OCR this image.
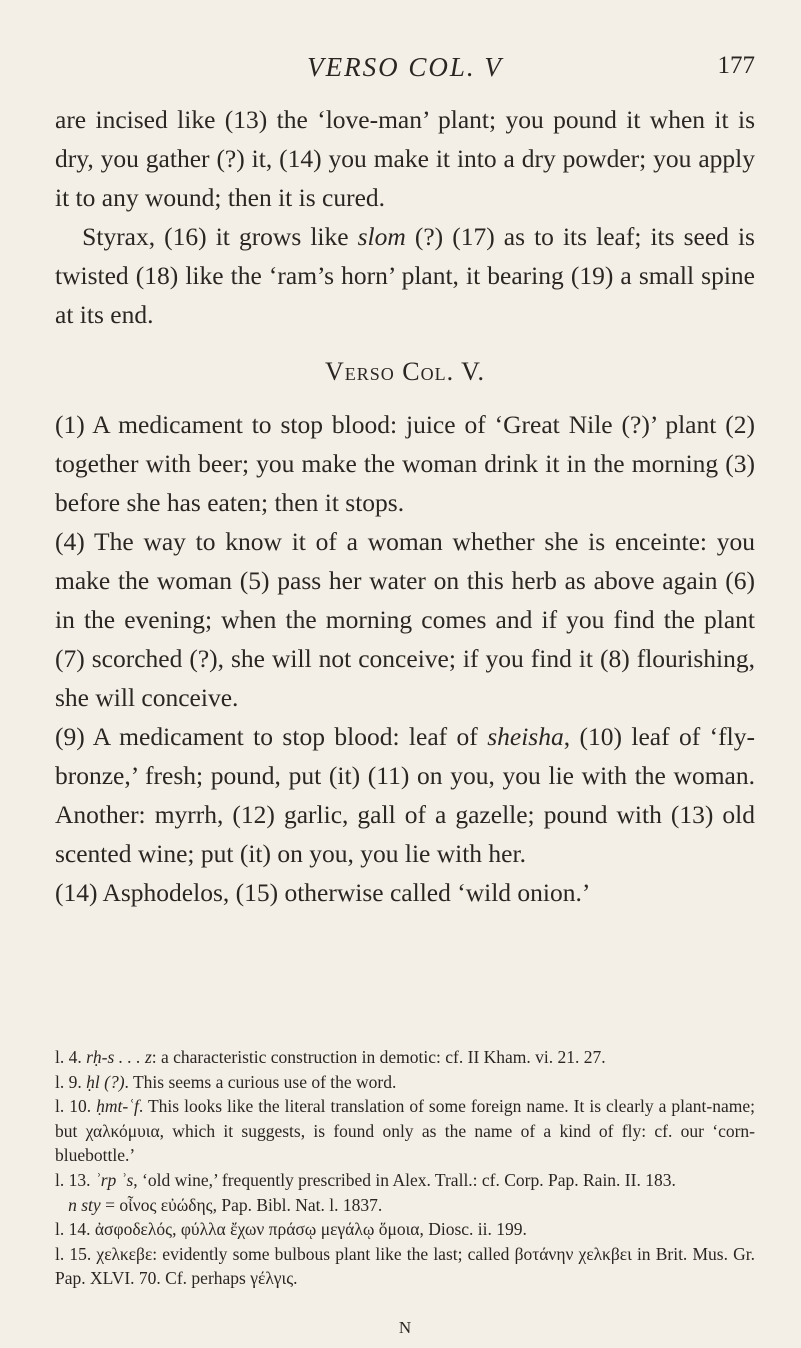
VERSO COL. V	177

are incised like (13) the ‘love-man’ plant; you pound it when it is dry, you gather (?) it, (14) you make it into a dry powder; you apply it to any wound; then it is cured.

Styrax, (16) it grows like slom (?) (17) as to its leaf; its seed is twisted (18) like the ‘ram’s horn’ plant, it bearing (19) a small spine at its end.

Verso Col. V.

(1) A medicament to stop blood: juice of ‘Great Nile (?)’ plant (2) together with beer; you make the woman drink it in the morning (3) before she has eaten; then it stops.

(4) The way to know it of a woman whether she is enceinte: you make the woman (5) pass her water on this herb as above again (6) in the evening; when the morning comes and if you find the plant (7) scorched (?), she will not conceive; if you find it (8) flourishing, she will conceive.

(9) A medicament to stop blood: leaf of sheisha, (10) leaf of ‘fly-bronze,’ fresh; pound, put (it) (11) on you, you lie with the woman. Another: myrrh, (12) garlic, gall of a gazelle; pound with (13) old scented wine; put (it) on you, you lie with her.

(14) Asphodelos, (15) otherwise called ‘wild onion.’

l. 4. rḥ-s . . . z: a characteristic construction in demotic: cf. II Kham. vi. 21. 27.

l. 9. ḥl (?). This seems a curious use of the word.

l. 10. ḥmt-ʿf. This looks like the literal translation of some foreign name. It is clearly a plant-name; but χαλκόμυια, which it suggests, is found only as the name of a kind of fly: cf. our ‘corn-bluebottle.’

l. 13. ʾrp ʾs, ‘old wine,’ frequently prescribed in Alex. Trall.: cf. Corp. Pap. Rain. II. 183.

n sty = οἶνος εὐώδης, Pap. Bibl. Nat. l. 1837.

l. 14. ἀσφοδελός, φύλλα ἔχων πράσῳ μεγάλῳ ὅμοια, Diosc. ii. 199.

l. 15. χελκεβε: evidently some bulbous plant like the last; called βοτάνην χελκβει in Brit. Mus. Gr. Pap. XLVI. 70. Cf. perhaps γέλγις.

N
